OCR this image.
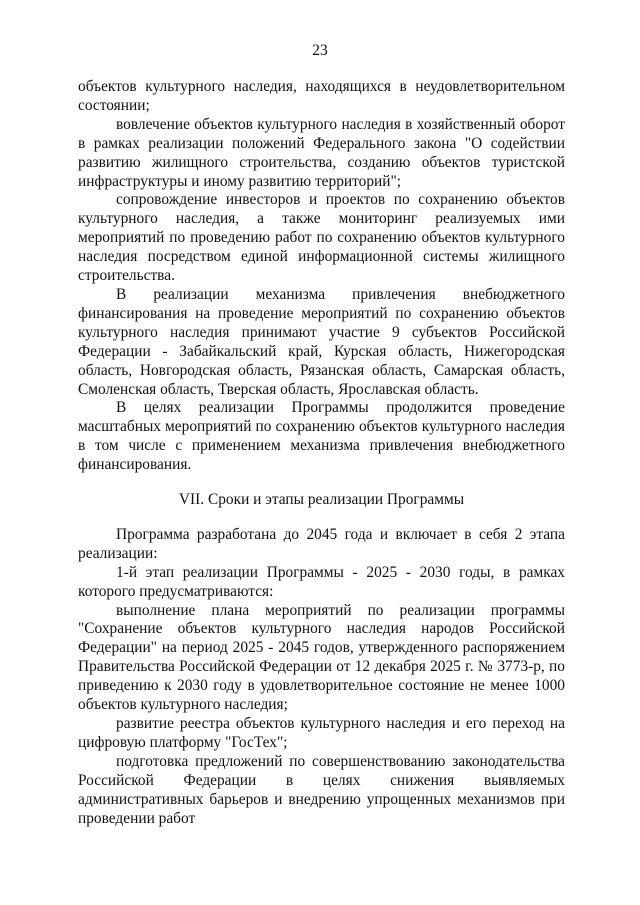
23

объектов культурного наследия, находящихся в неудовлетворительном состоянии;

вовлечение объектов культурного наследия в хозяйственный оборот в рамках реализации положений Федерального закона "О содействии развитию жилищного строительства, созданию объектов туристской инфраструктуры и иному развитию территорий";

сопровождение инвесторов и проектов по сохранению объектов культурного наследия, а также мониторинг реализуемых ими мероприятий по проведению работ по сохранению объектов культурного наследия посредством единой информационной системы жилищного строительства.

В реализации механизма привлечения внебюджетного финансирования на проведение мероприятий по сохранению объектов культурного наследия принимают участие 9 субъектов Российской Федерации - Забайкальский край, Курская область, Нижегородская область, Новгородская область, Рязанская область, Самарская область, Смоленская область, Тверская область, Ярославская область.

В целях реализации Программы продолжится проведение масштабных мероприятий по сохранению объектов культурного наследия в том числе с применением механизма привлечения внебюджетного финансирования.

VII. Сроки и этапы реализации Программы

Программа разработана до 2045 года и включает в себя 2 этапа реализации:

1-й этап реализации Программы - 2025 - 2030 годы, в рамках которого предусматриваются:

выполнение плана мероприятий по реализации программы "Сохранение объектов культурного наследия народов Российской Федерации" на период 2025 - 2045 годов, утвержденного распоряжением Правительства Российской Федерации от 12 декабря 2025 г. № 3773-р, по приведению к 2030 году в удовлетворительное состояние не менее 1000 объектов культурного наследия;

развитие реестра объектов культурного наследия и его переход на цифровую платформу "ГосТех";

подготовка предложений по совершенствованию законодательства Российской Федерации в целях снижения выявляемых административных барьеров и внедрению упрощенных механизмов при проведении работ
